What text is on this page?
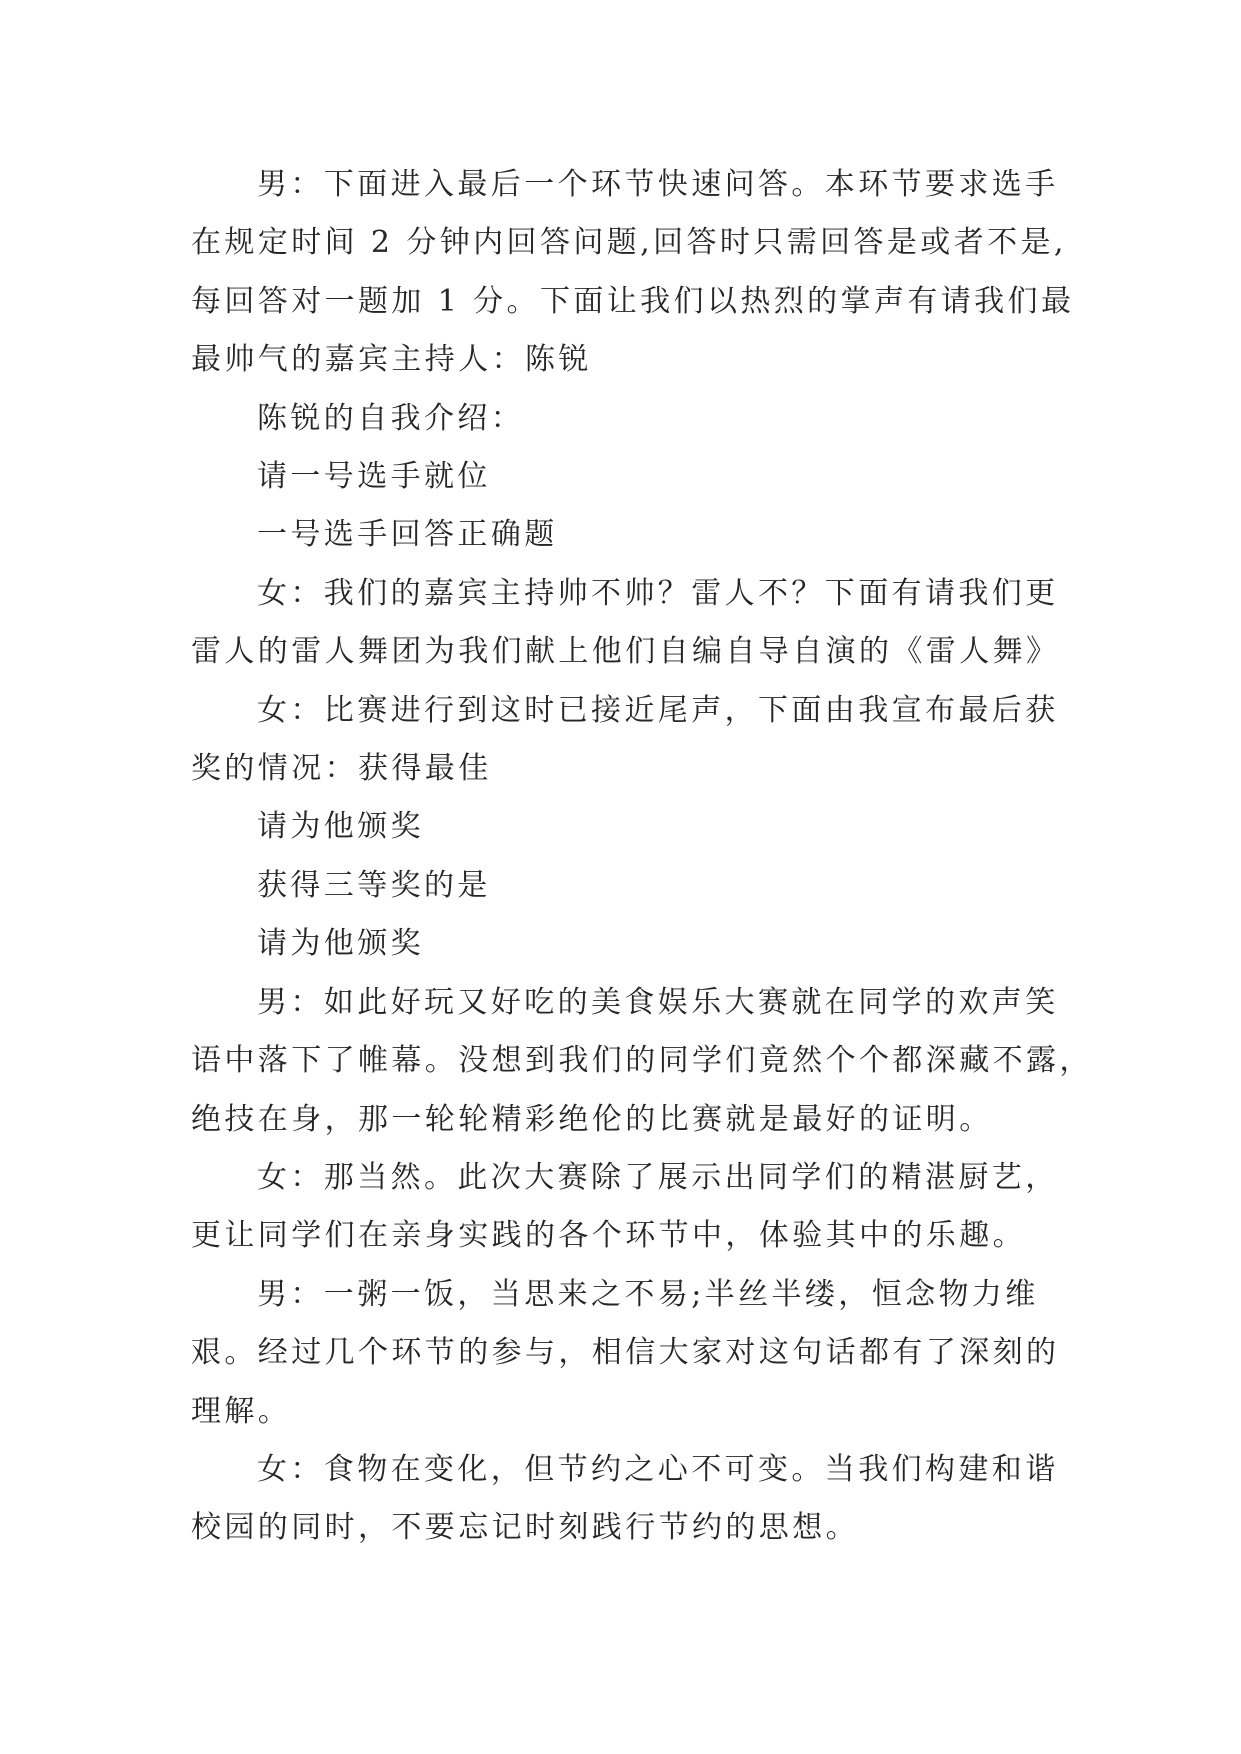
男：下面进入最后一个环节快速问答。本环节要求选手
在规定时间 2 分钟内回答问题,回答时只需回答是或者不是,
每回答对一题加 1 分。下面让我们以热烈的掌声有请我们最
最帅气的嘉宾主持人：陈锐

陈锐的自我介绍：

请一号选手就位

一号选手回答正确题

女：我们的嘉宾主持帅不帅？雷人不？下面有请我们更
雷人的雷人舞团为我们献上他们自编自导自演的《雷人舞》

女：比赛进行到这时已接近尾声，下面由我宣布最后获
奖的情况：获得最佳

请为他颁奖

获得三等奖的是

请为他颁奖

男：如此好玩又好吃的美食娱乐大赛就在同学的欢声笑
语中落下了帷幕。没想到我们的同学们竟然个个都深藏不露，
绝技在身，那一轮轮精彩绝伦的比赛就是最好的证明。

女：那当然。此次大赛除了展示出同学们的精湛厨艺，
更让同学们在亲身实践的各个环节中，体验其中的乐趣。

男：一粥一饭，当思来之不易;半丝半缕，恒念物力维
艰。经过几个环节的参与，相信大家对这句话都有了深刻的
理解。

女：食物在变化，但节约之心不可变。当我们构建和谐
校园的同时，不要忘记时刻践行节约的思想。
